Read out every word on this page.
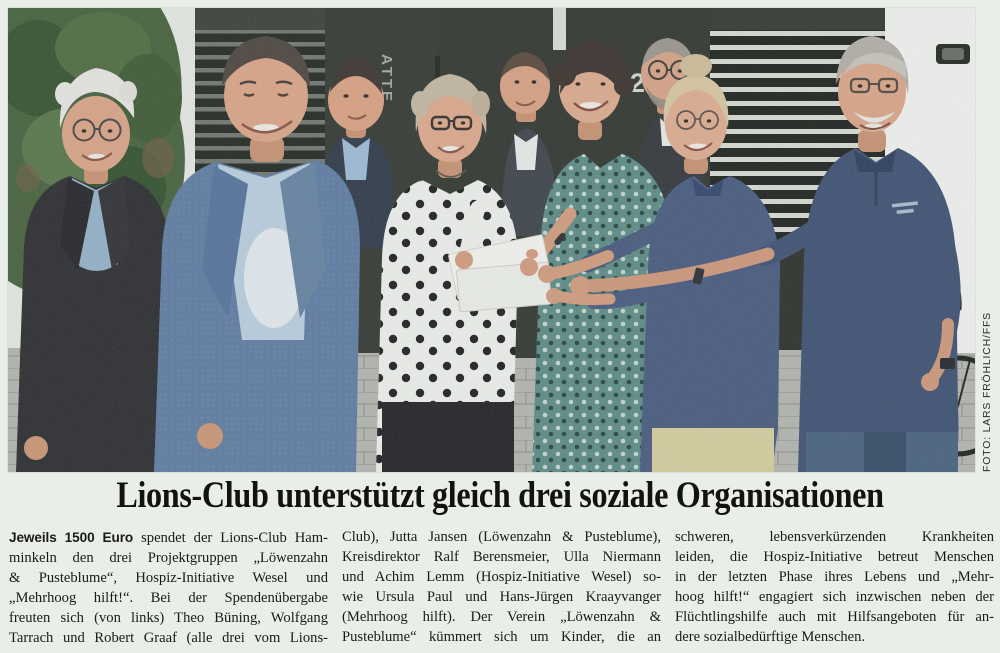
FOTO: LARS FRÖHLICH/FFS
Lions-Club unterstützt gleich drei soziale Organisationen
Jeweils 1500 Euro spendet der Lions-Club Ham-
minkeln den drei Projektgruppen „Löwenzahn
& Pusteblume“, Hospiz-Initiative Wesel und
„Mehrhoog hilft!“. Bei der Spendenübergabe
freuten sich (von links) Theo Büning, Wolfgang
Tarrach und Robert Graaf (alle drei vom Lions-
Club), Jutta Jansen (Löwenzahn & Pusteblume),
Kreisdirektor Ralf Berensmeier, Ulla Niermann
und Achim Lemm (Hospiz-Initiative Wesel) so-
wie Ursula Paul und Hans-Jürgen Kraayvanger
(Mehrhoog hilft). Der Verein „Löwenzahn &
Pusteblume“ kümmert sich um Kinder, die an
schweren, lebensverkürzenden Krankheiten
leiden, die Hospiz-Initiative betreut Menschen
in der letzten Phase ihres Lebens und „Mehr-
hoog hilft!“ engagiert sich inzwischen neben der
Flüchtlingshilfe auch mit Hilfsangeboten für an-
dere sozialbedürftige Menschen.
